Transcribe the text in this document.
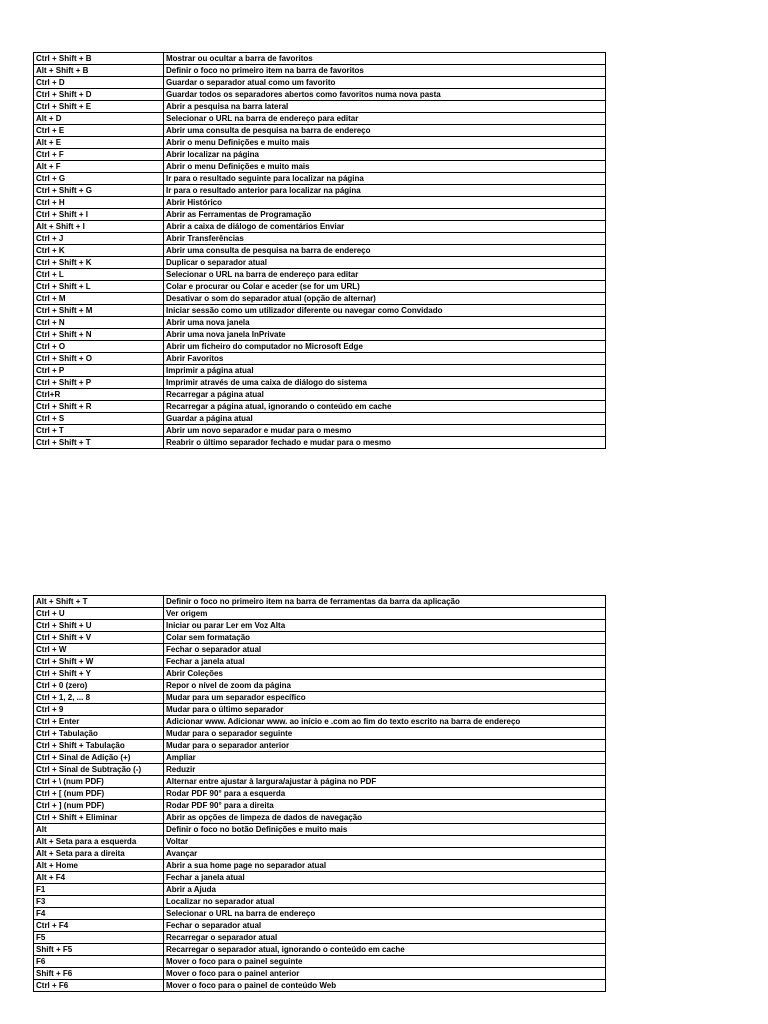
Ctrl + Shift + B	Mostrar ou ocultar a barra de favoritos
Alt + Shift + B	Definir o foco no primeiro item na barra de favoritos
Ctrl + D	Guardar o separador atual como um favorito
Ctrl + Shift + D	Guardar todos os separadores abertos como favoritos numa nova pasta
Ctrl + Shift + E	Abrir a pesquisa na barra lateral
Alt + D	Selecionar o URL na barra de endereço para editar
Ctrl + E	Abrir uma consulta de pesquisa na barra de endereço
Alt + E	Abrir o menu Definições e muito mais
Ctrl + F	Abrir localizar na página
Alt + F	Abrir o menu Definições e muito mais
Ctrl + G	Ir para o resultado seguinte para localizar na página
Ctrl + Shift + G	Ir para o resultado anterior para localizar na página
Ctrl + H	Abrir Histórico
Ctrl + Shift + I	Abrir as Ferramentas de Programação
Alt + Shift + I	Abrir a caixa de diálogo de comentários Enviar
Ctrl + J	Abrir Transferências
Ctrl + K	Abrir uma consulta de pesquisa na barra de endereço
Ctrl + Shift + K	Duplicar o separador atual
Ctrl + L	Selecionar o URL na barra de endereço para editar
Ctrl + Shift + L	Colar e procurar ou Colar e aceder (se for um URL)
Ctrl + M	Desativar o som do separador atual (opção de alternar)
Ctrl + Shift + M	Iniciar sessão como um utilizador diferente ou navegar como Convidado
Ctrl + N	Abrir uma nova janela
Ctrl + Shift + N	Abrir uma nova janela InPrivate
Ctrl + O	Abrir um ficheiro do computador no Microsoft Edge
Ctrl + Shift + O	Abrir Favoritos
Ctrl + P	Imprimir a página atual
Ctrl + Shift + P	Imprimir através de uma caixa de diálogo do sistema
Ctrl+R	Recarregar a página atual
Ctrl + Shift + R	Recarregar a página atual, ignorando o conteúdo em cache
Ctrl + S	Guardar a página atual
Ctrl + T	Abrir um novo separador e mudar para o mesmo
Ctrl + Shift + T	Reabrir o último separador fechado e mudar para o mesmo
Alt + Shift + T	Definir o foco no primeiro item na barra de ferramentas da barra da aplicação
Ctrl + U	Ver origem
Ctrl + Shift + U	Iniciar ou parar Ler em Voz Alta
Ctrl + Shift + V	Colar sem formatação
Ctrl + W	Fechar o separador atual
Ctrl + Shift + W	Fechar a janela atual
Ctrl + Shift + Y	Abrir Coleções
Ctrl + 0 (zero)	Repor o nível de zoom da página
Ctrl + 1, 2, ... 8	Mudar para um separador específico
Ctrl + 9	Mudar para o último separador
Ctrl + Enter	Adicionar www. Adicionar www. ao início e .com ao fim do texto escrito na barra de endereço
Ctrl + Tabulação	Mudar para o separador seguinte
Ctrl + Shift + Tabulação	Mudar para o separador anterior
Ctrl + Sinal de Adição (+)	Ampliar
Ctrl + Sinal de Subtração (-)	Reduzir
Ctrl + \ (num PDF)	Alternar entre ajustar à largura/ajustar à página no PDF
Ctrl + [ (num PDF)	Rodar PDF 90° para a esquerda
Ctrl + ] (num PDF)	Rodar PDF 90° para a direita
Ctrl + Shift + Eliminar	Abrir as opções de limpeza de dados de navegação
Alt	Definir o foco no botão Definições e muito mais
Alt + Seta para a esquerda	Voltar
Alt + Seta para a direita	Avançar
Alt + Home	Abrir a sua home page no separador atual
Alt + F4	Fechar a janela atual
F1	Abrir a Ajuda
F3	Localizar no separador atual
F4	Selecionar o URL na barra de endereço
Ctrl + F4	Fechar o separador atual
F5	Recarregar o separador atual
Shift + F5	Recarregar o separador atual, ignorando o conteúdo em cache
F6	Mover o foco para o painel seguinte
Shift + F6	Mover o foco para o painel anterior
Ctrl + F6	Mover o foco para o painel de conteúdo Web
